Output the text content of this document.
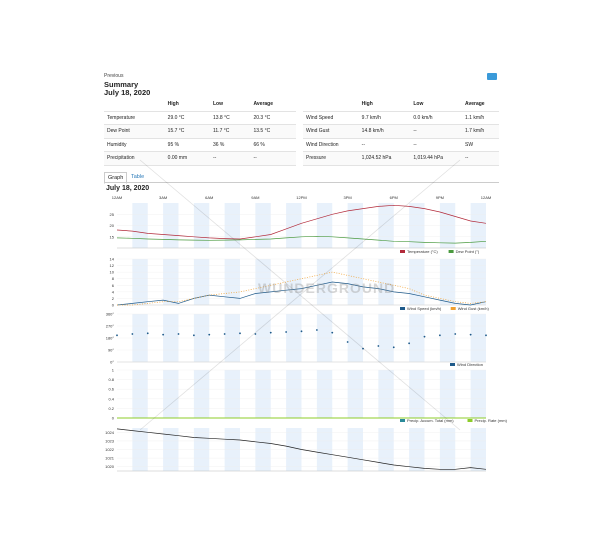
Previous
Summary
July 18, 2020
	High	Low	Average
Temperature	29.0 °C	13.8 °C	20.3 °C
Dew Point	15.7 °C	11.7 °C	13.5 °C
Humidity	95 %	36 %	66 %
Precipitation	0.00 mm	--	--
	High	Low	Average
Wind Speed	9.7 km/h	0.0 km/h	1.1 km/h
Wind Gust	14.8 km/h	--	1.7 km/h
Wind Direction	--	--	SW
Pressure	1,024.52 hPa	1,019.44 hPa	--
Graph	Table
July 18, 2020
12AM	3AM	6AM	9AM	12PM	3PM	6PM	9PM	12AM
15
20
25
Temperature (°C)	Dew Point (°)
0
2
4
6
8
10
12
14
Wind Speed (km/h)	Wind Gust (km/h)
0°
90°
180°
270°
360°
Wind Direction
0
0.2
0.4
0.6
0.8
1
Precip. Accum. Total (mm)	Precip. Rate (mm)
1020
1021
1022
1023
1024
WUNDERGROUND
